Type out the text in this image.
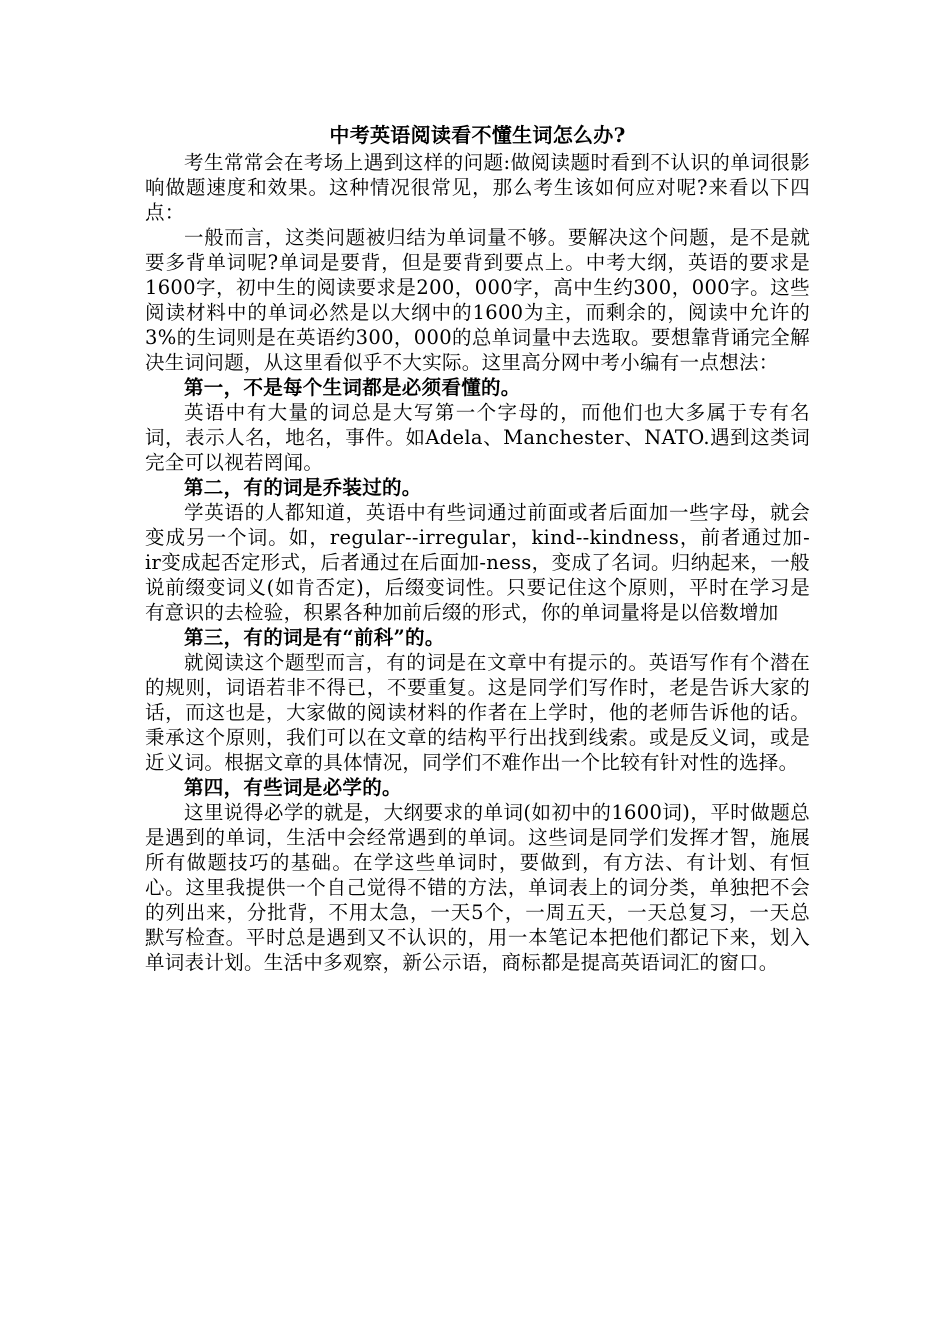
中考英语阅读看不懂生词怎么办?

考生常常会在考场上遇到这样的问题:做阅读题时看到不认识的单词很影响做题速度和效果。这种情况很常见，那么考生该如何应对呢?来看以下四点：

一般而言，这类问题被归结为单词量不够。要解决这个问题，是不是就要多背单词呢?单词是要背，但是要背到要点上。中考大纲，英语的要求是1600字，初中生的阅读要求是200，000字，高中生约300，000字。这些阅读材料中的单词必然是以大纲中的1600为主，而剩余的，阅读中允许的3%的生词则是在英语约300，000的总单词量中去选取。要想靠背诵完全解决生词问题，从这里看似乎不大实际。这里高分网中考小编有一点想法：

第一，不是每个生词都是必须看懂的。

英语中有大量的词总是大写第一个字母的，而他们也大多属于专有名词，表示人名，地名，事件。如Adela、Manchester、NATO.遇到这类词完全可以视若罔闻。

第二，有的词是乔装过的。

学英语的人都知道，英语中有些词通过前面或者后面加一些字母，就会变成另一个词。如，regular--irregular，kind--kindness，前者通过加-ir变成起否定形式，后者通过在后面加-ness，变成了名词。归纳起来，一般说前缀变词义(如肯否定)，后缀变词性。只要记住这个原则，平时在学习是有意识的去检验，积累各种加前后缀的形式，你的单词量将是以倍数增加

第三，有的词是有“前科”的。

就阅读这个题型而言，有的词是在文章中有提示的。英语写作有个潜在的规则，词语若非不得已，不要重复。这是同学们写作时，老是告诉大家的话，而这也是，大家做的阅读材料的作者在上学时，他的老师告诉他的话。秉承这个原则，我们可以在文章的结构平行出找到线索。或是反义词，或是近义词。根据文章的具体情况，同学们不难作出一个比较有针对性的选择。

第四，有些词是必学的。

这里说得必学的就是，大纲要求的单词(如初中的1600词)，平时做题总是遇到的单词，生活中会经常遇到的单词。这些词是同学们发挥才智，施展所有做题技巧的基础。在学这些单词时，要做到，有方法、有计划、有恒心。这里我提供一个自己觉得不错的方法，单词表上的词分类，单独把不会的列出来，分批背，不用太急，一天5个，一周五天，一天总复习，一天总默写检查。平时总是遇到又不认识的，用一本笔记本把他们都记下来，划入单词表计划。生活中多观察，新公示语，商标都是提高英语词汇的窗口。
